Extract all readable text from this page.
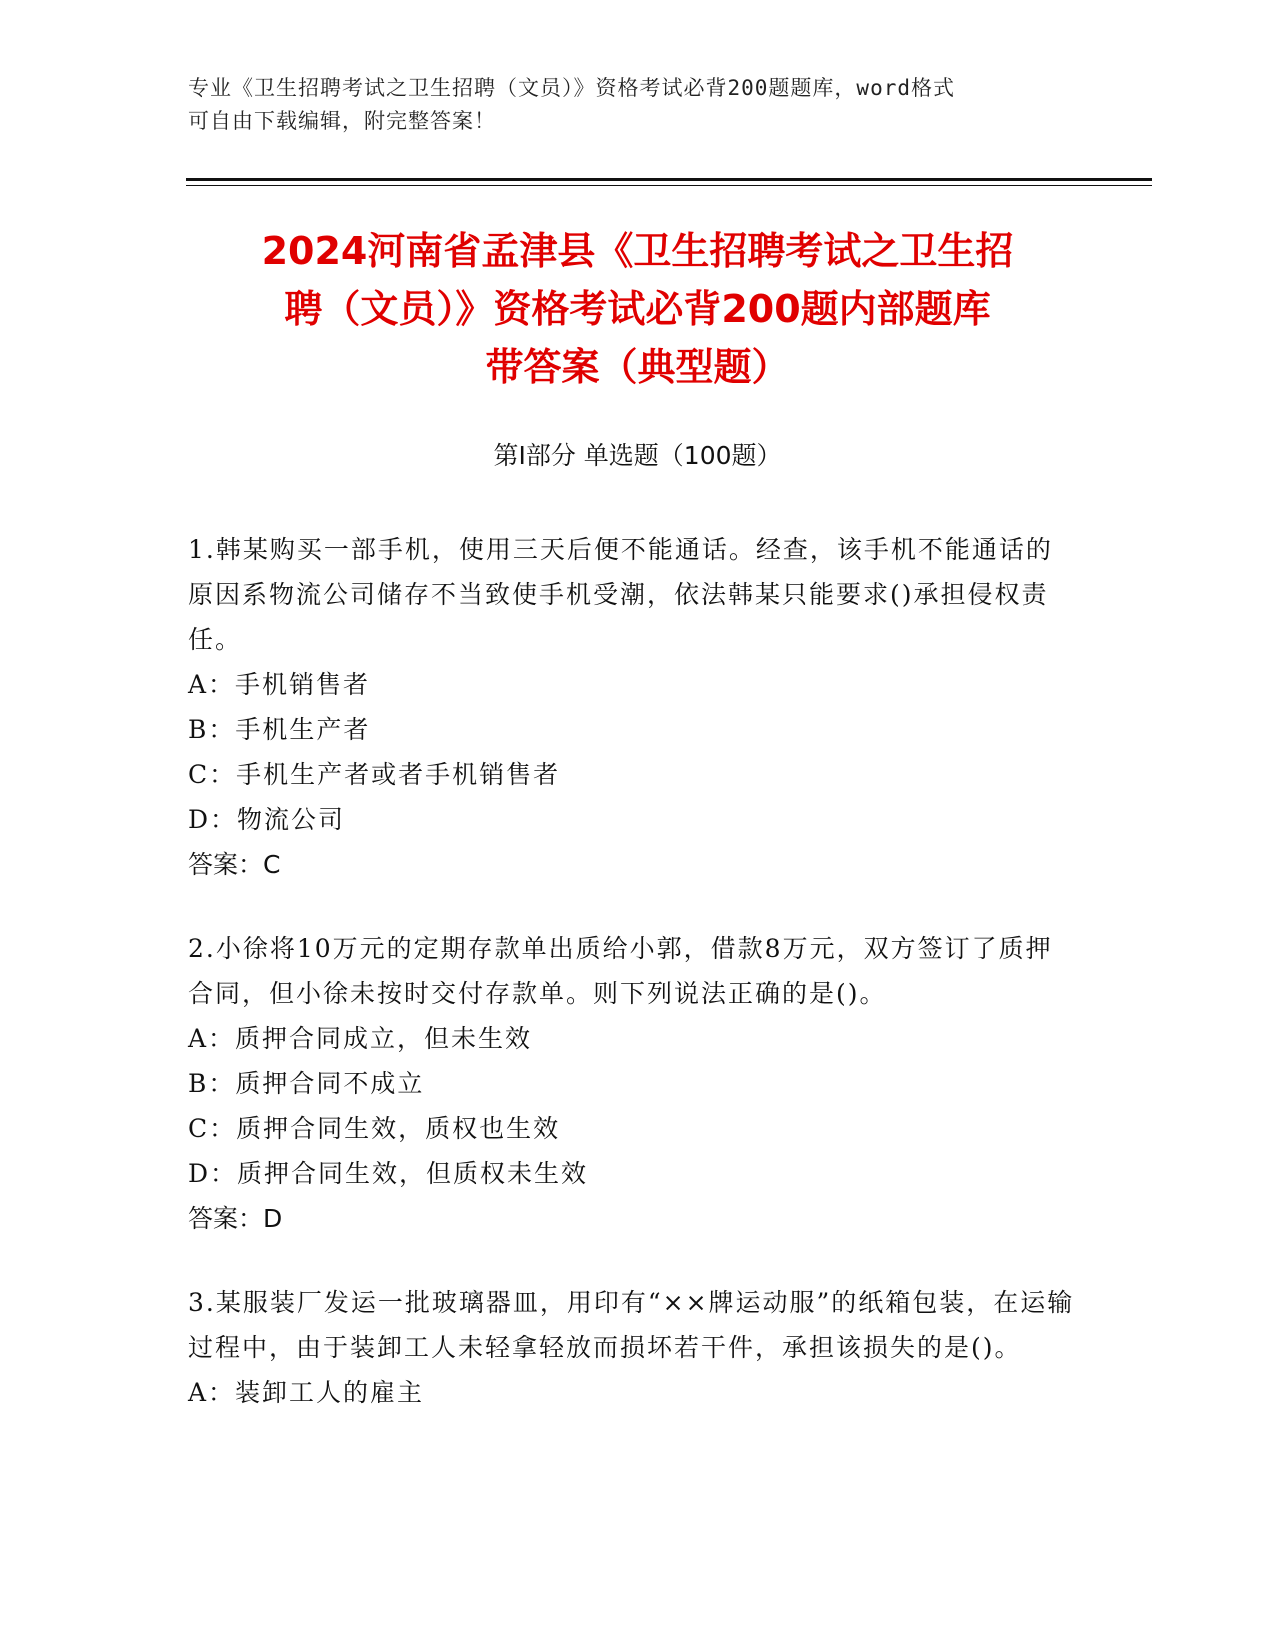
专业《卫生招聘考试之卫生招聘（文员）》资格考试必背200题题库，word格式
可自由下载编辑，附完整答案！
2024河南省孟津县《卫生招聘考试之卫生招
聘（文员）》资格考试必背200题内部题库
带答案（典型题）
第Ⅰ部分 单选题（100题）

1.韩某购买一部手机，使用三天后便不能通话。经查，该手机不能通话的原因系物流公司储存不当致使手机受潮，依法韩某只能要求()承担侵权责任。

A：手机销售者

B：手机生产者

C：手机生产者或者手机销售者

D：物流公司

答案：C

2.小徐将10万元的定期存款单出质给小郭，借款8万元，双方签订了质押合同，但小徐未按时交付存款单。则下列说法正确的是()。

A：质押合同成立，但未生效

B：质押合同不成立

C：质押合同生效，质权也生效

D：质押合同生效，但质权未生效

答案：D

3.某服装厂发运一批玻璃器皿，用印有“××牌运动服”的纸箱包装，在运输过程中，由于装卸工人未轻拿轻放而损坏若干件，承担该损失的是()。

A：装卸工人的雇主
